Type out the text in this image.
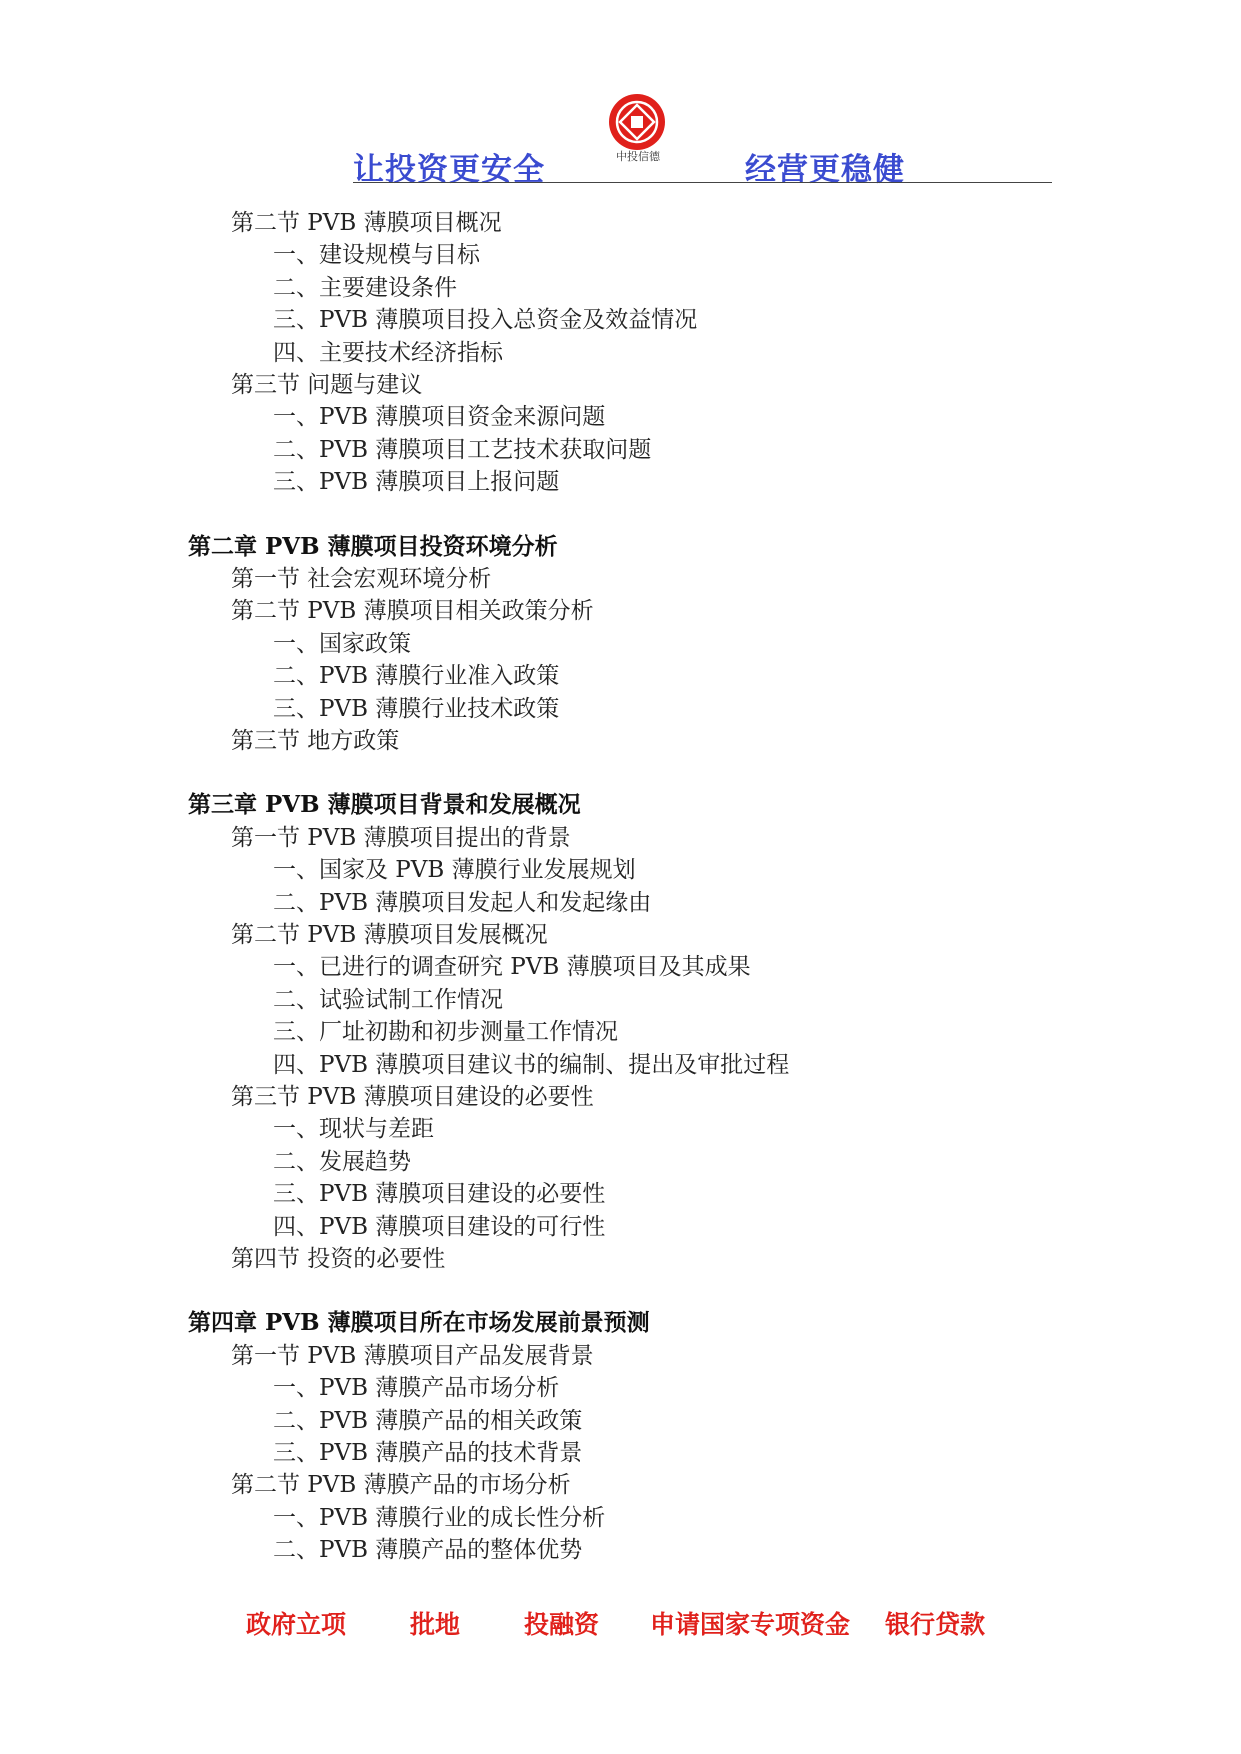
让投资更安全	中投信德	经营更稳健
第二节 PVB 薄膜项目概况
一、建设规模与目标
二、主要建设条件
三、PVB 薄膜项目投入总资金及效益情况
四、主要技术经济指标
第三节 问题与建议
一、PVB 薄膜项目资金来源问题
二、PVB 薄膜项目工艺技术获取问题
三、PVB 薄膜项目上报问题
第二章 PVB 薄膜项目投资环境分析
第一节 社会宏观环境分析
第二节 PVB 薄膜项目相关政策分析
一、国家政策
二、PVB 薄膜行业准入政策
三、PVB 薄膜行业技术政策
第三节 地方政策
第三章 PVB 薄膜项目背景和发展概况
第一节 PVB 薄膜项目提出的背景
一、国家及 PVB 薄膜行业发展规划
二、PVB 薄膜项目发起人和发起缘由
第二节 PVB 薄膜项目发展概况
一、已进行的调查研究 PVB 薄膜项目及其成果
二、试验试制工作情况
三、厂址初勘和初步测量工作情况
四、PVB 薄膜项目建议书的编制、提出及审批过程
第三节 PVB 薄膜项目建设的必要性
一、现状与差距
二、发展趋势
三、PVB 薄膜项目建设的必要性
四、PVB 薄膜项目建设的可行性
第四节 投资的必要性
第四章 PVB 薄膜项目所在市场发展前景预测
第一节 PVB 薄膜项目产品发展背景
一、PVB 薄膜产品市场分析
二、PVB 薄膜产品的相关政策
三、PVB 薄膜产品的技术背景
第二节 PVB 薄膜产品的市场分析
一、PVB 薄膜行业的成长性分析
二、PVB 薄膜产品的整体优势
政府立项	批地	投融资 申请国家专项资金 银行贷款
